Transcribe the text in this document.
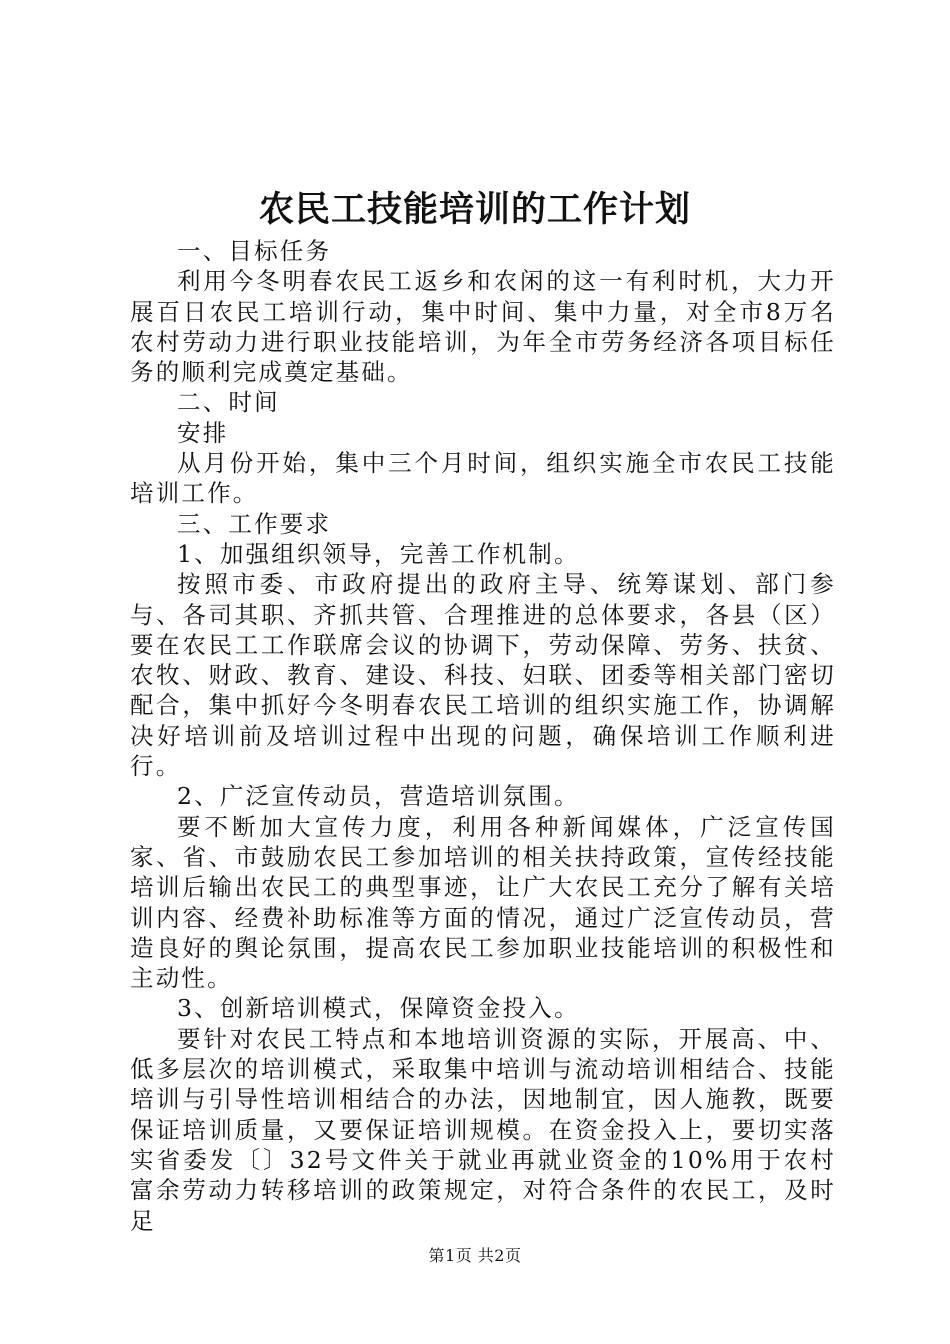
农民工技能培训的工作计划

一、目标任务

利用今冬明春农民工返乡和农闲的这一有利时机，大力开展百日农民工培训行动，集中时间、集中力量，对全市8万名农村劳动力进行职业技能培训，为年全市劳务经济各项目标任务的顺利完成奠定基础。

二、时间

安排

从月份开始，集中三个月时间，组织实施全市农民工技能培训工作。

三、工作要求

1、加强组织领导，完善工作机制。

按照市委、市政府提出的政府主导、统筹谋划、部门参与、各司其职、齐抓共管、合理推进的总体要求，各县（区）要在农民工工作联席会议的协调下，劳动保障、劳务、扶贫、农牧、财政、教育、建设、科技、妇联、团委等相关部门密切配合，集中抓好今冬明春农民工培训的组织实施工作，协调解决好培训前及培训过程中出现的问题，确保培训工作顺利进行。

2、广泛宣传动员，营造培训氛围。

要不断加大宣传力度，利用各种新闻媒体，广泛宣传国家、省、市鼓励农民工参加培训的相关扶持政策，宣传经技能培训后输出农民工的典型事迹，让广大农民工充分了解有关培训内容、经费补助标准等方面的情况，通过广泛宣传动员，营造良好的舆论氛围，提高农民工参加职业技能培训的积极性和主动性。

3、创新培训模式，保障资金投入。

要针对农民工特点和本地培训资源的实际，开展高、中、低多层次的培训模式，采取集中培训与流动培训相结合、技能培训与引导性培训相结合的办法，因地制宜，因人施教，既要保证培训质量，又要保证培训规模。在资金投入上，要切实落实省委发〔〕32号文件关于就业再就业资金的10%用于农村富余劳动力转移培训的政策规定，对符合条件的农民工，及时足

第1页 共2页
